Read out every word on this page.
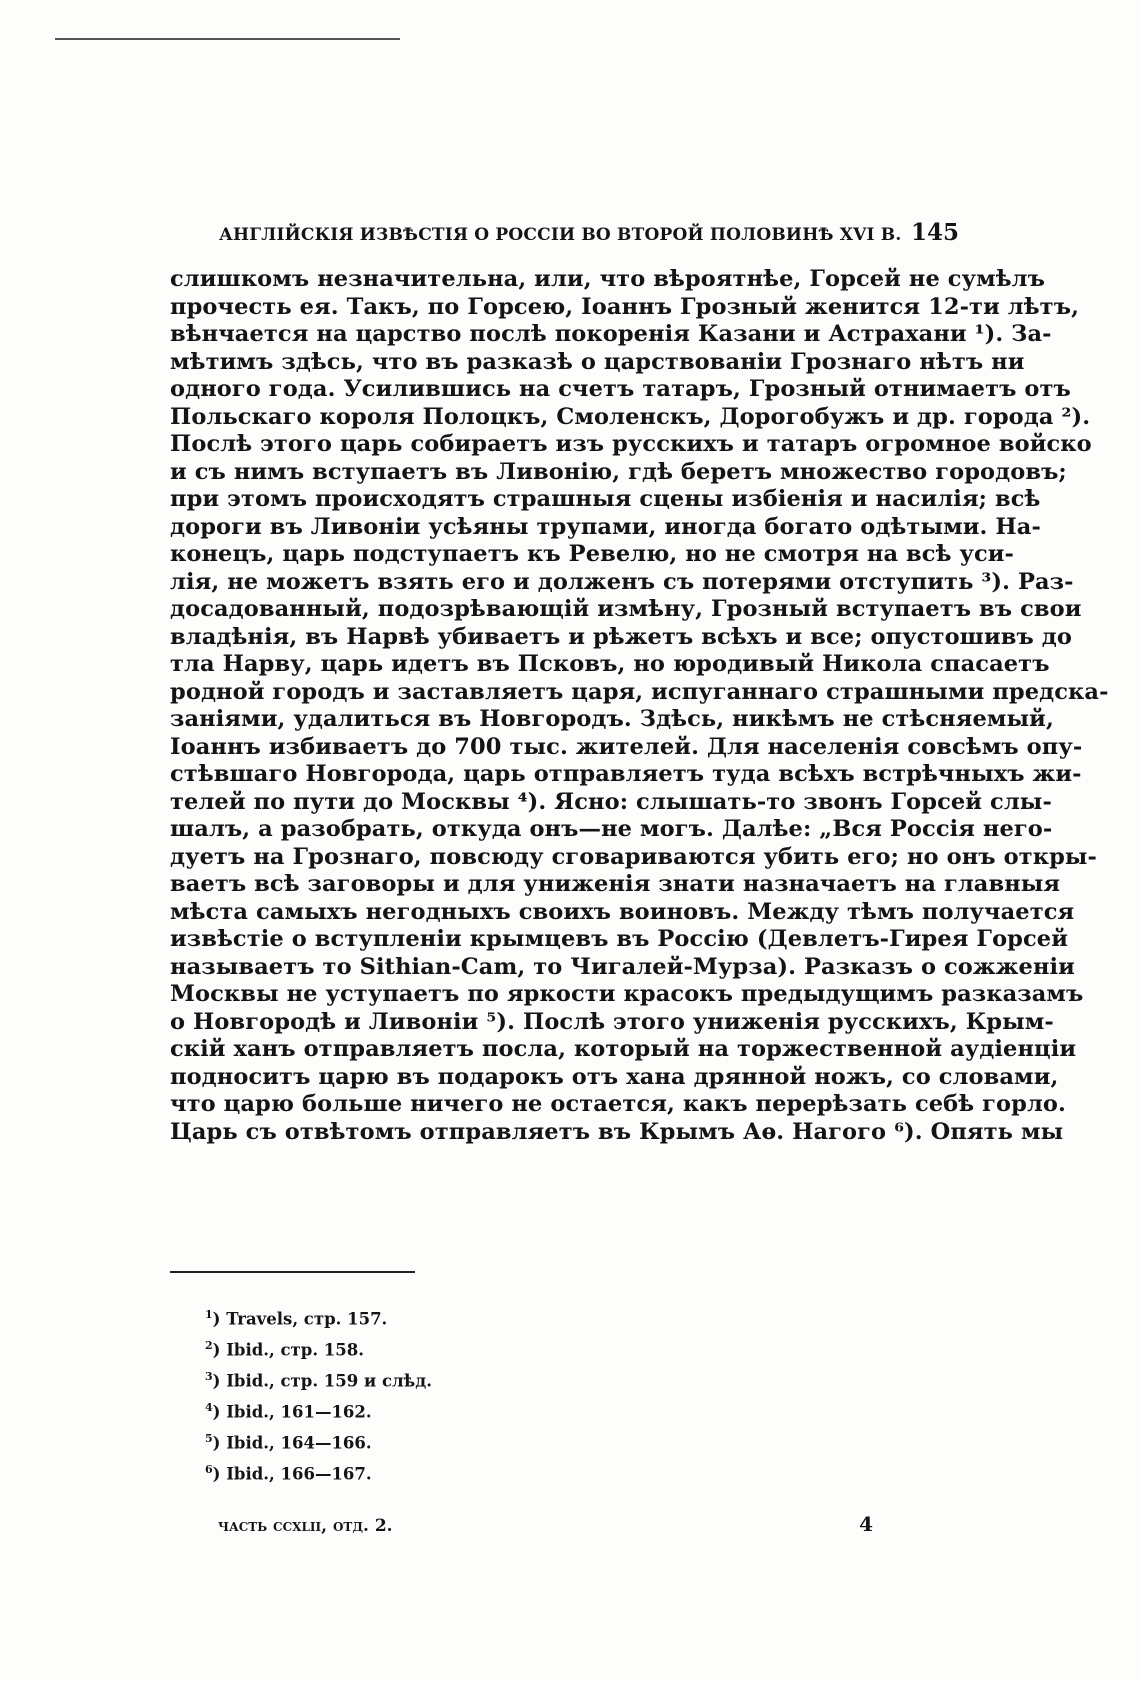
АНГЛІЙСКІЯ ИЗВѢСТІЯ О РОССІИ ВО ВТОРОЙ ПОЛОВИНѢ XVI В. 145
слишкомъ незначительна, или, что вѣроятнѣе, Горсей не сумѣлъ
прочесть ея. Такъ, по Горсею, Іоаннъ Грозный женится 12-ти лѣтъ,
вѣнчается на царство послѣ покоренія Казани и Астрахани ¹). За-
мѣтимъ здѣсь, что въ разказѣ о царствованіи Грознаго нѣтъ ни
одного года. Усилившись на счетъ татаръ, Грозный отнимаетъ отъ
Польскаго короля Полоцкъ, Смоленскъ, Дорогобужъ и др. города ²).
Послѣ этого царь собираетъ изъ русскихъ и татаръ огромное войско
и съ нимъ вступаетъ въ Ливонію, гдѣ беретъ множество городовъ;
при этомъ происходятъ страшныя сцены избіенія и насилія; всѣ
дороги въ Ливоніи усѣяны трупами, иногда богато одѣтыми. На-
конецъ, царь подступаетъ къ Ревелю, но не смотря на всѣ уси-
лія, не можетъ взять его и долженъ съ потерями отступить ³). Раз-
досадованный, подозрѣвающій измѣну, Грозный вступаетъ въ свои
владѣнія, въ Нарвѣ убиваетъ и рѣжетъ всѣхъ и все; опустошивъ до
тла Нарву, царь идетъ въ Псковъ, но юродивый Никола спасаетъ
родной городъ и заставляетъ царя, испуганнаго страшными предска-
заніями, удалиться въ Новгородъ. Здѣсь, никѣмъ не стѣсняемый,
Іоаннъ избиваетъ до 700 тыс. жителей. Для населенія совсѣмъ опу-
стѣвшаго Новгорода, царь отправляетъ туда всѣхъ встрѣчныхъ жи-
телей по пути до Москвы ⁴). Ясно: слышать-то звонъ Горсей слы-
шалъ, а разобрать, откуда онъ—не могъ. Далѣе: „Вся Россія него-
дуетъ на Грознаго, повсюду сговариваются убить его; но онъ откры-
ваетъ всѣ заговоры и для униженія знати назначаетъ на главныя
мѣста самыхъ негодныхъ своихъ воиновъ. Между тѣмъ получается
извѣстіе о вступленіи крымцевъ въ Россію (Девлетъ-Гирея Горсей
называетъ то Sithian-Cam, то Чигалей-Мурза). Разказъ о сожженіи
Москвы не уступаетъ по яркости красокъ предыдущимъ разказамъ
о Новгородѣ и Ливоніи ⁵). Послѣ этого униженія русскихъ, Крым-
скій ханъ отправляетъ посла, который на торжественной аудіенціи
подноситъ царю въ подарокъ отъ хана дрянной ножъ, со словами,
что царю больше ничего не остается, какъ перерѣзать себѣ горло.
Царь съ отвѣтомъ отправляетъ въ Крымъ Аѳ. Нагого ⁶). Опять мы
$^1$) Travels, стр. 157.
$^2$) Ibid., стр. 158.
$^3$) Ibid., стр. 159 и слѣд.
$^4$) Ibid., 161—162.
$^5$) Ibid., 164—166.
$^6$) Ibid., 166—167.
часть ccxlii, отд. 2.	4
